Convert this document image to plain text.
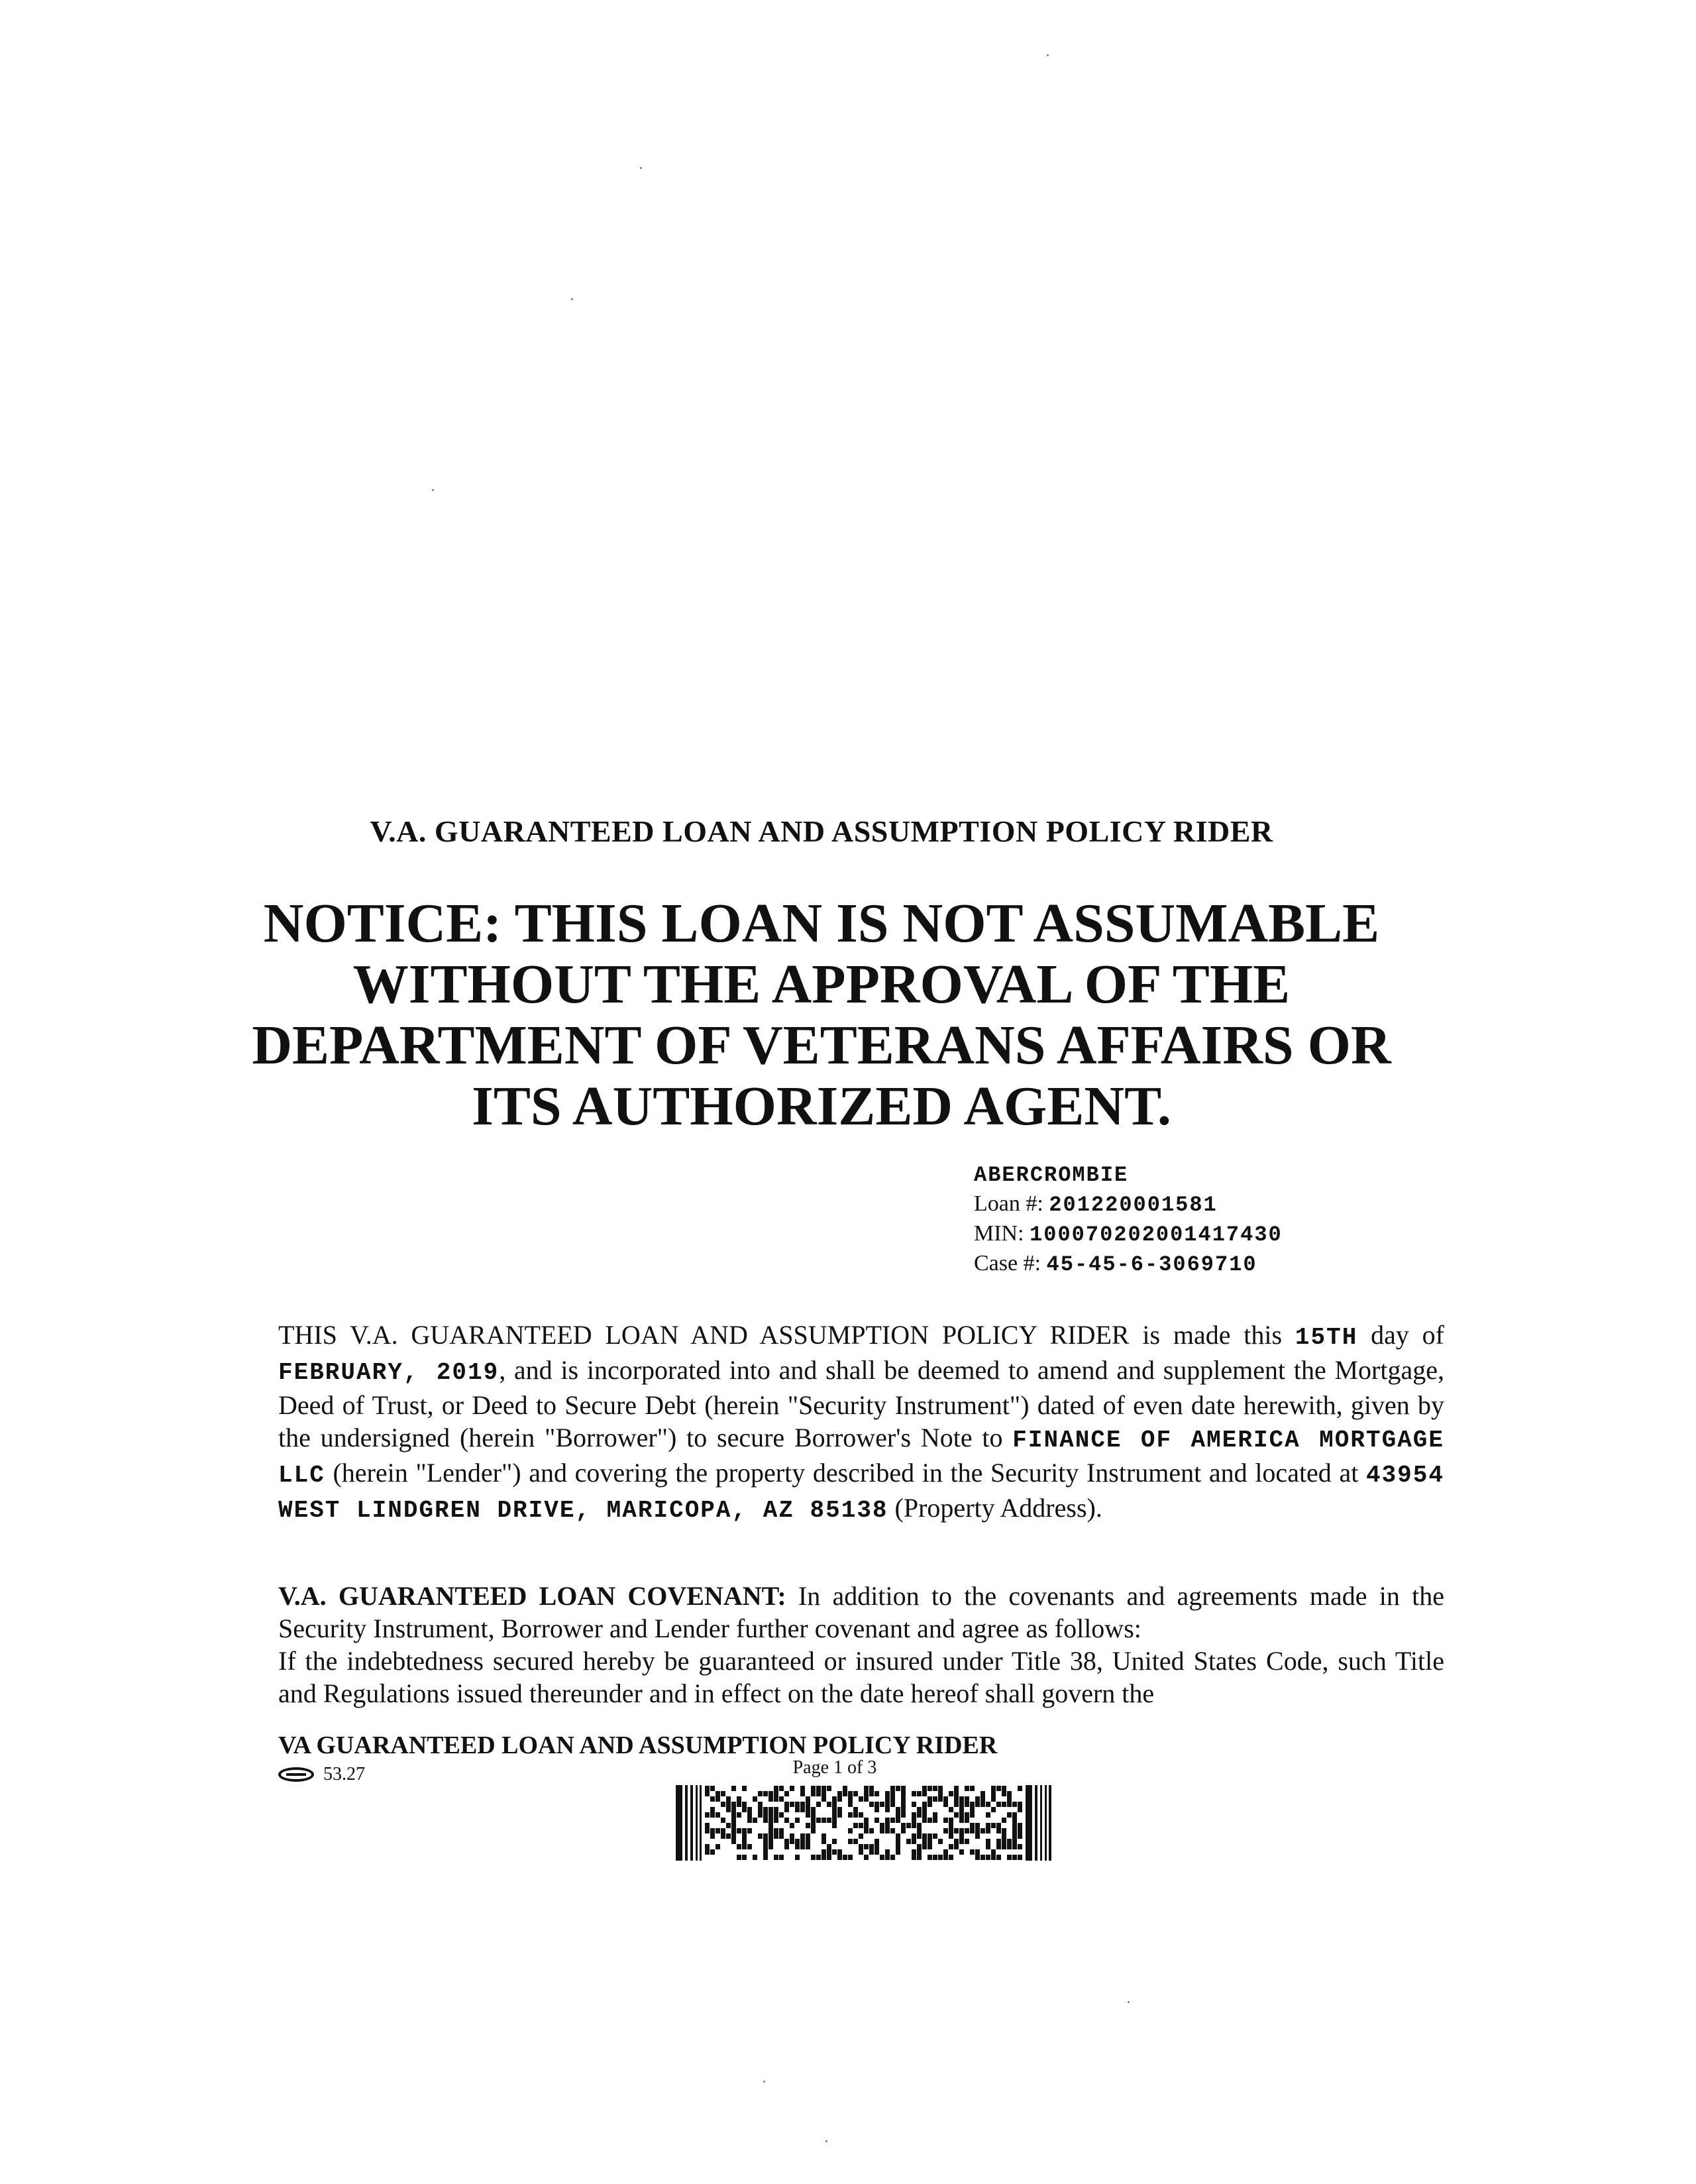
V.A. GUARANTEED LOAN AND ASSUMPTION POLICY RIDER
NOTICE: THIS LOAN IS NOT ASSUMABLE
WITHOUT THE APPROVAL OF THE
DEPARTMENT OF VETERANS AFFAIRS OR
ITS AUTHORIZED AGENT.
ABERCROMBIE
Loan #: 201220001581
MIN: 100070202001417430
Case #: 45-45-6-3069710
THIS V.A. GUARANTEED LOAN AND ASSUMPTION POLICY RIDER is made this 15TH day of FEBRUARY, 2019, and is incorporated into and shall be deemed to amend and supplement the Mortgage, Deed of Trust, or Deed to Secure Debt (herein "Security Instrument") dated of even date herewith, given by the undersigned (herein "Borrower") to secure Borrower's Note to FINANCE OF AMERICA MORTGAGE LLC (herein "Lender") and covering the property described in the Security Instrument and located at 43954 WEST LINDGREN DRIVE, MARICOPA, AZ 85138 (Property Address).
V.A. GUARANTEED LOAN COVENANT: In addition to the covenants and agreements made in the Security Instrument, Borrower and Lender further covenant and agree as follows:
If the indebtedness secured hereby be guaranteed or insured under Title 38, United States Code, such Title and Regulations issued thereunder and in effect on the date hereof shall govern the
VA GUARANTEED LOAN AND ASSUMPTION POLICY RIDER
53.27	Page 1 of 3
